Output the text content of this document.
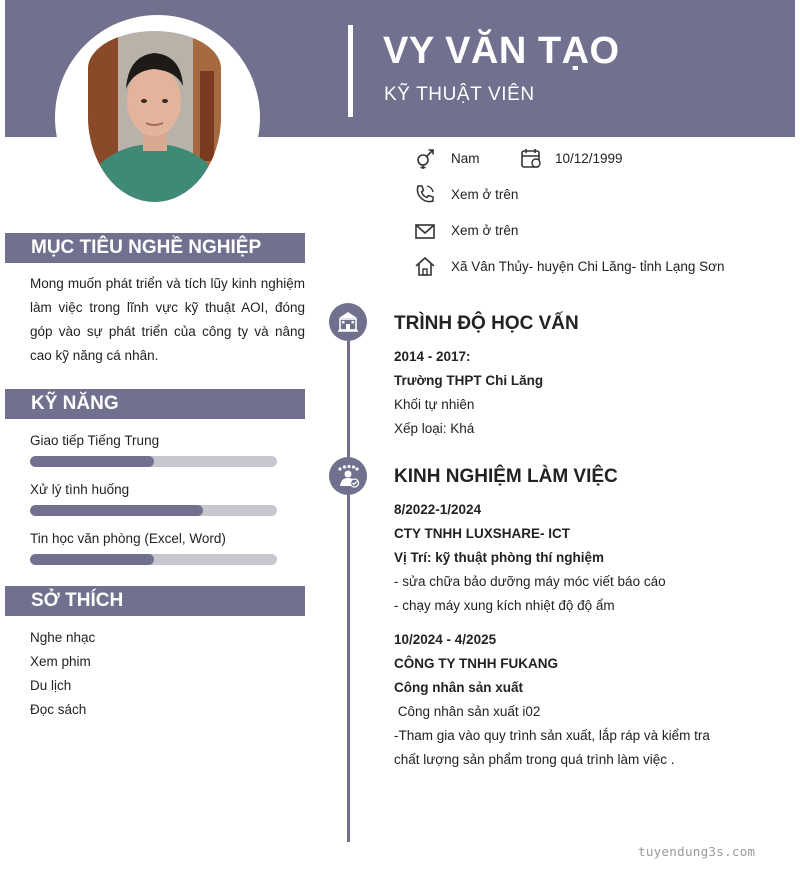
VY VĂN TẠO
KỸ THUẬT VIÊN
Nam	10/12/1999
Xem ở trên
Xem ở trên
Xã Vân Thủy- huyện Chi Lăng- tỉnh Lạng Sơn
MỤC TIÊU NGHỀ NGHIỆP
Mong muốn phát triển và tích lũy kinh nghiệm làm việc trong lĩnh vực kỹ thuật AOI, đóng góp vào sự phát triển của công ty và nâng cao kỹ năng cá nhân.
KỸ NĂNG
Giao tiếp Tiếng Trung
Xử lý tình huống
Tin học văn phòng (Excel, Word)
SỞ THÍCH
Nghe nhạc
Xem phim
Du lịch
Đọc sách
TRÌNH ĐỘ HỌC VẤN
2014 - 2017:
Trường THPT Chi Lăng
Khối tự nhiên
Xếp loại: Khá
KINH NGHIỆM LÀM VIỆC
8/2022-1/2024
CTY TNHH LUXSHARE- ICT
Vị Trí: kỹ thuật phòng thí nghiệm
- sửa chữa bảo dưỡng máy móc viết báo cáo
- chạy máy xung kích nhiệt độ độ ẩm
10/2024 - 4/2025
CÔNG TY TNHH FUKANG
Công nhân sản xuất
Công nhân sản xuất i02
-Tham gia vào quy trình sản xuất, lắp ráp và kiểm tra
chất lượng sản phẩm trong quá trình làm việc .
tuyendung3s.com
